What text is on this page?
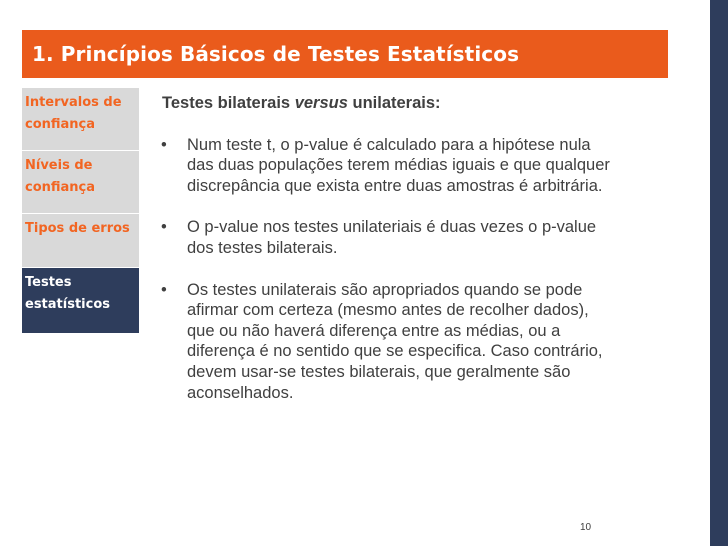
1. Princípios Básicos de Testes Estatísticos
Intervalos de
confiança
Níveis de
confiança
Tipos de erros
Testes
estatísticos
Testes bilaterais versus unilaterais:
•	Num teste t, o p-value é calculado para a hipótese nula
das duas populações terem médias iguais e que qualquer
discrepância que exista entre duas amostras é arbitrária.
•	O p-value nos testes unilateriais é duas vezes o p-value
dos testes bilaterais.
•	Os testes unilaterais são apropriados quando se pode
afirmar com certeza (mesmo antes de recolher dados),
que ou não haverá diferença entre as médias, ou a
diferença é no sentido que se especifica. Caso contrário,
devem usar-se testes bilaterais, que geralmente são
aconselhados.
10
